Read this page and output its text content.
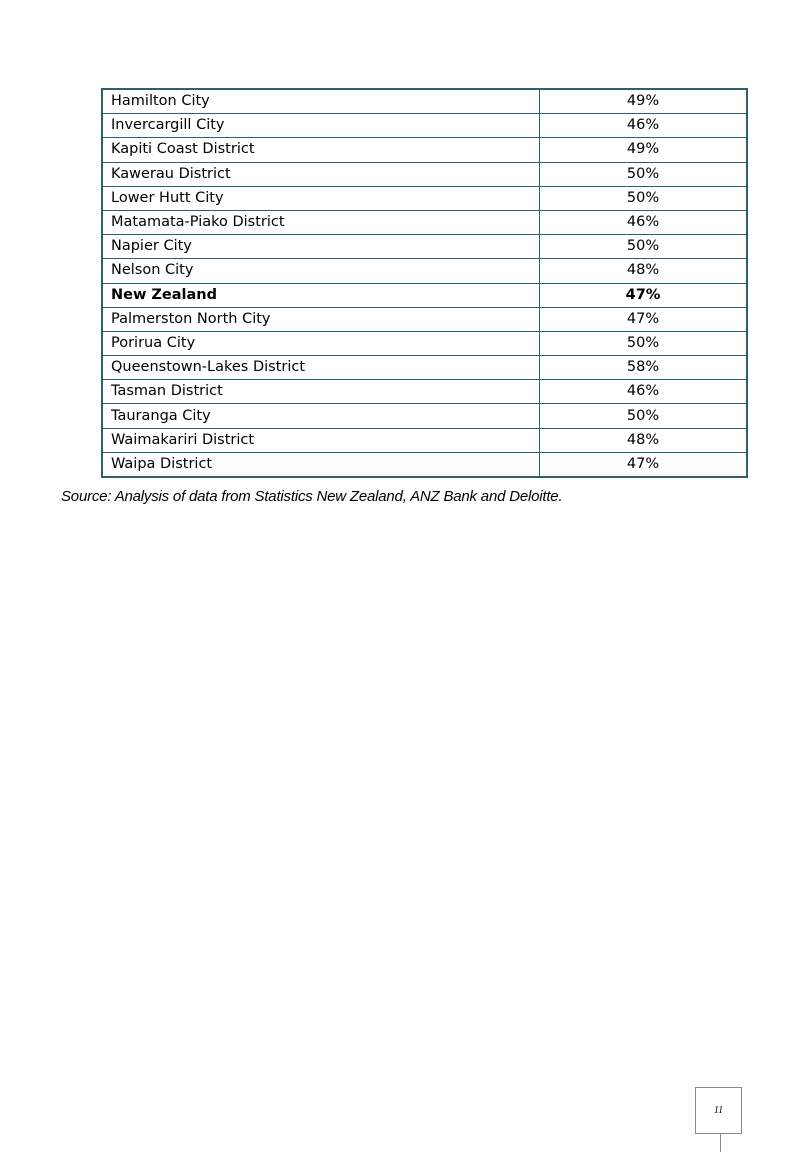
Hamilton City	49%
Invercargill City	46%
Kapiti Coast District	49%
Kawerau District	50%
Lower Hutt City	50%
Matamata-Piako District	46%
Napier City	50%
Nelson City	48%
New Zealand	47%
Palmerston North City	47%
Porirua City	50%
Queenstown-Lakes District	58%
Tasman District	46%
Tauranga City	50%
Waimakariri District	48%
Waipa District	47%
Source: Analysis of data from Statistics New Zealand, ANZ Bank and Deloitte.
11
